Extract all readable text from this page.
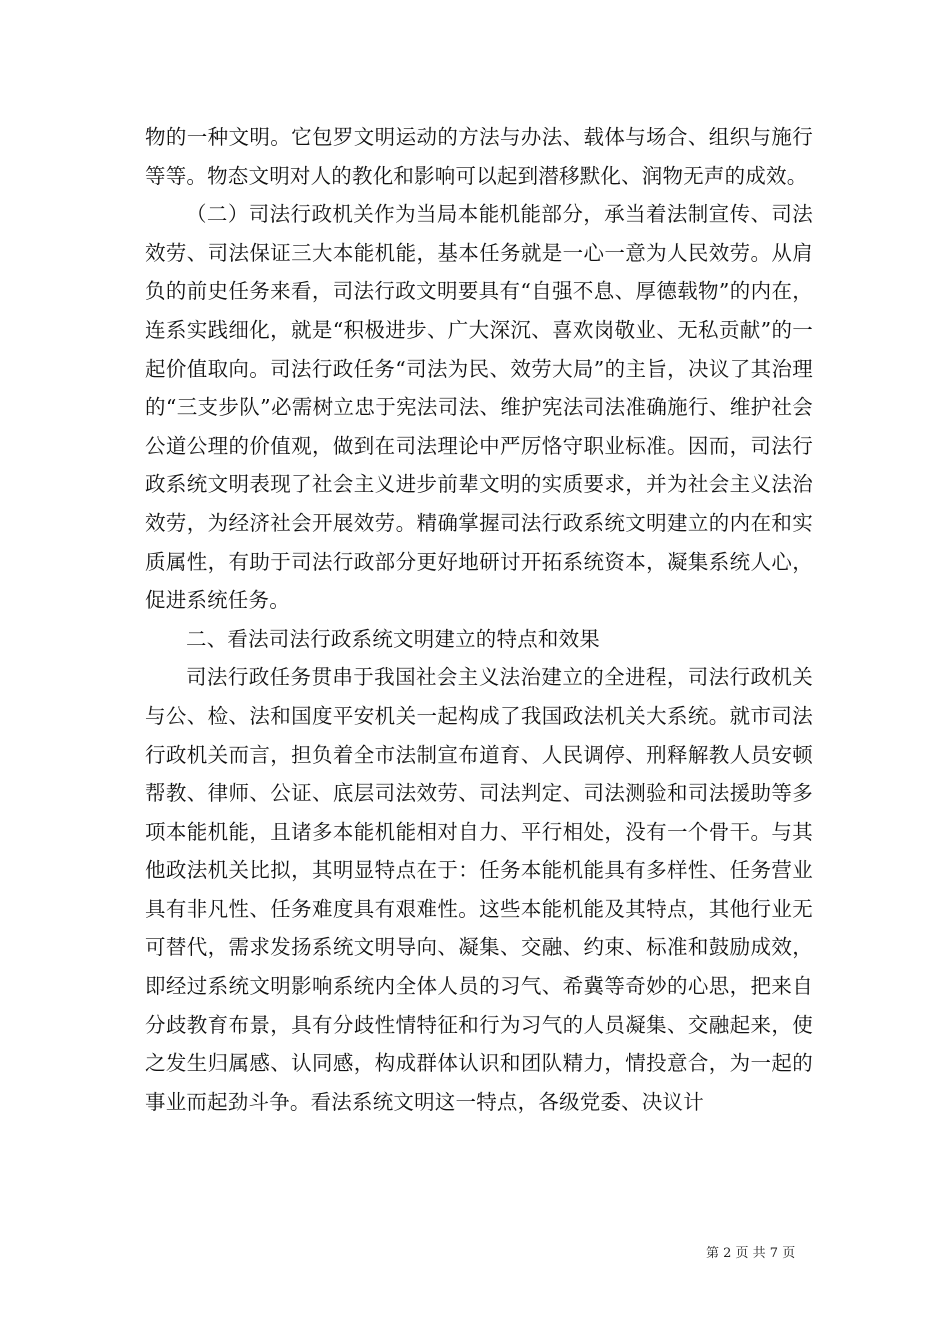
物的一种文明。它包罗文明运动的方法与办法、载体与场合、组织与施行等等。物态文明对人的教化和影响可以起到潜移默化、润物无声的成效。

（二）司法行政机关作为当局本能机能部分，承当着法制宣传、司法效劳、司法保证三大本能机能，基本任务就是一心一意为人民效劳。从肩负的前史任务来看，司法行政文明要具有“自强不息、厚德载物”的内在，连系实践细化，就是“积极进步、广大深沉、喜欢岗敬业、无私贡献”的一起价值取向。司法行政任务“司法为民、效劳大局”的主旨，决议了其治理的“三支步队”必需树立忠于宪法司法、维护宪法司法准确施行、维护社会公道公理的价值观，做到在司法理论中严厉恪守职业标准。因而，司法行政系统文明表现了社会主义进步前辈文明的实质要求，并为社会主义法治效劳，为经济社会开展效劳。精确掌握司法行政系统文明建立的内在和实质属性，有助于司法行政部分更好地研讨开拓系统资本，凝集系统人心，促进系统任务。

二、看法司法行政系统文明建立的特点和效果

司法行政任务贯串于我国社会主义法治建立的全进程，司法行政机关与公、检、法和国度平安机关一起构成了我国政法机关大系统。就市司法行政机关而言，担负着全市法制宣布道育、人民调停、刑释解教人员安顿帮教、律师、公证、底层司法效劳、司法判定、司法测验和司法援助等多项本能机能，且诸多本能机能相对自力、平行相处，没有一个骨干。与其他政法机关比拟，其明显特点在于：任务本能机能具有多样性、任务营业具有非凡性、任务难度具有艰难性。这些本能机能及其特点，其他行业无可替代，需求发扬系统文明导向、凝集、交融、约束、标准和鼓励成效，即经过系统文明影响系统内全体人员的习气、希冀等奇妙的心思，把来自分歧教育布景，具有分歧性情特征和行为习气的人员凝集、交融起来，使之发生归属感、认同感，构成群体认识和团队精力，情投意合，为一起的事业而起劲斗争。看法系统文明这一特点，各级党委、决议计

第 2 页 共 7 页
